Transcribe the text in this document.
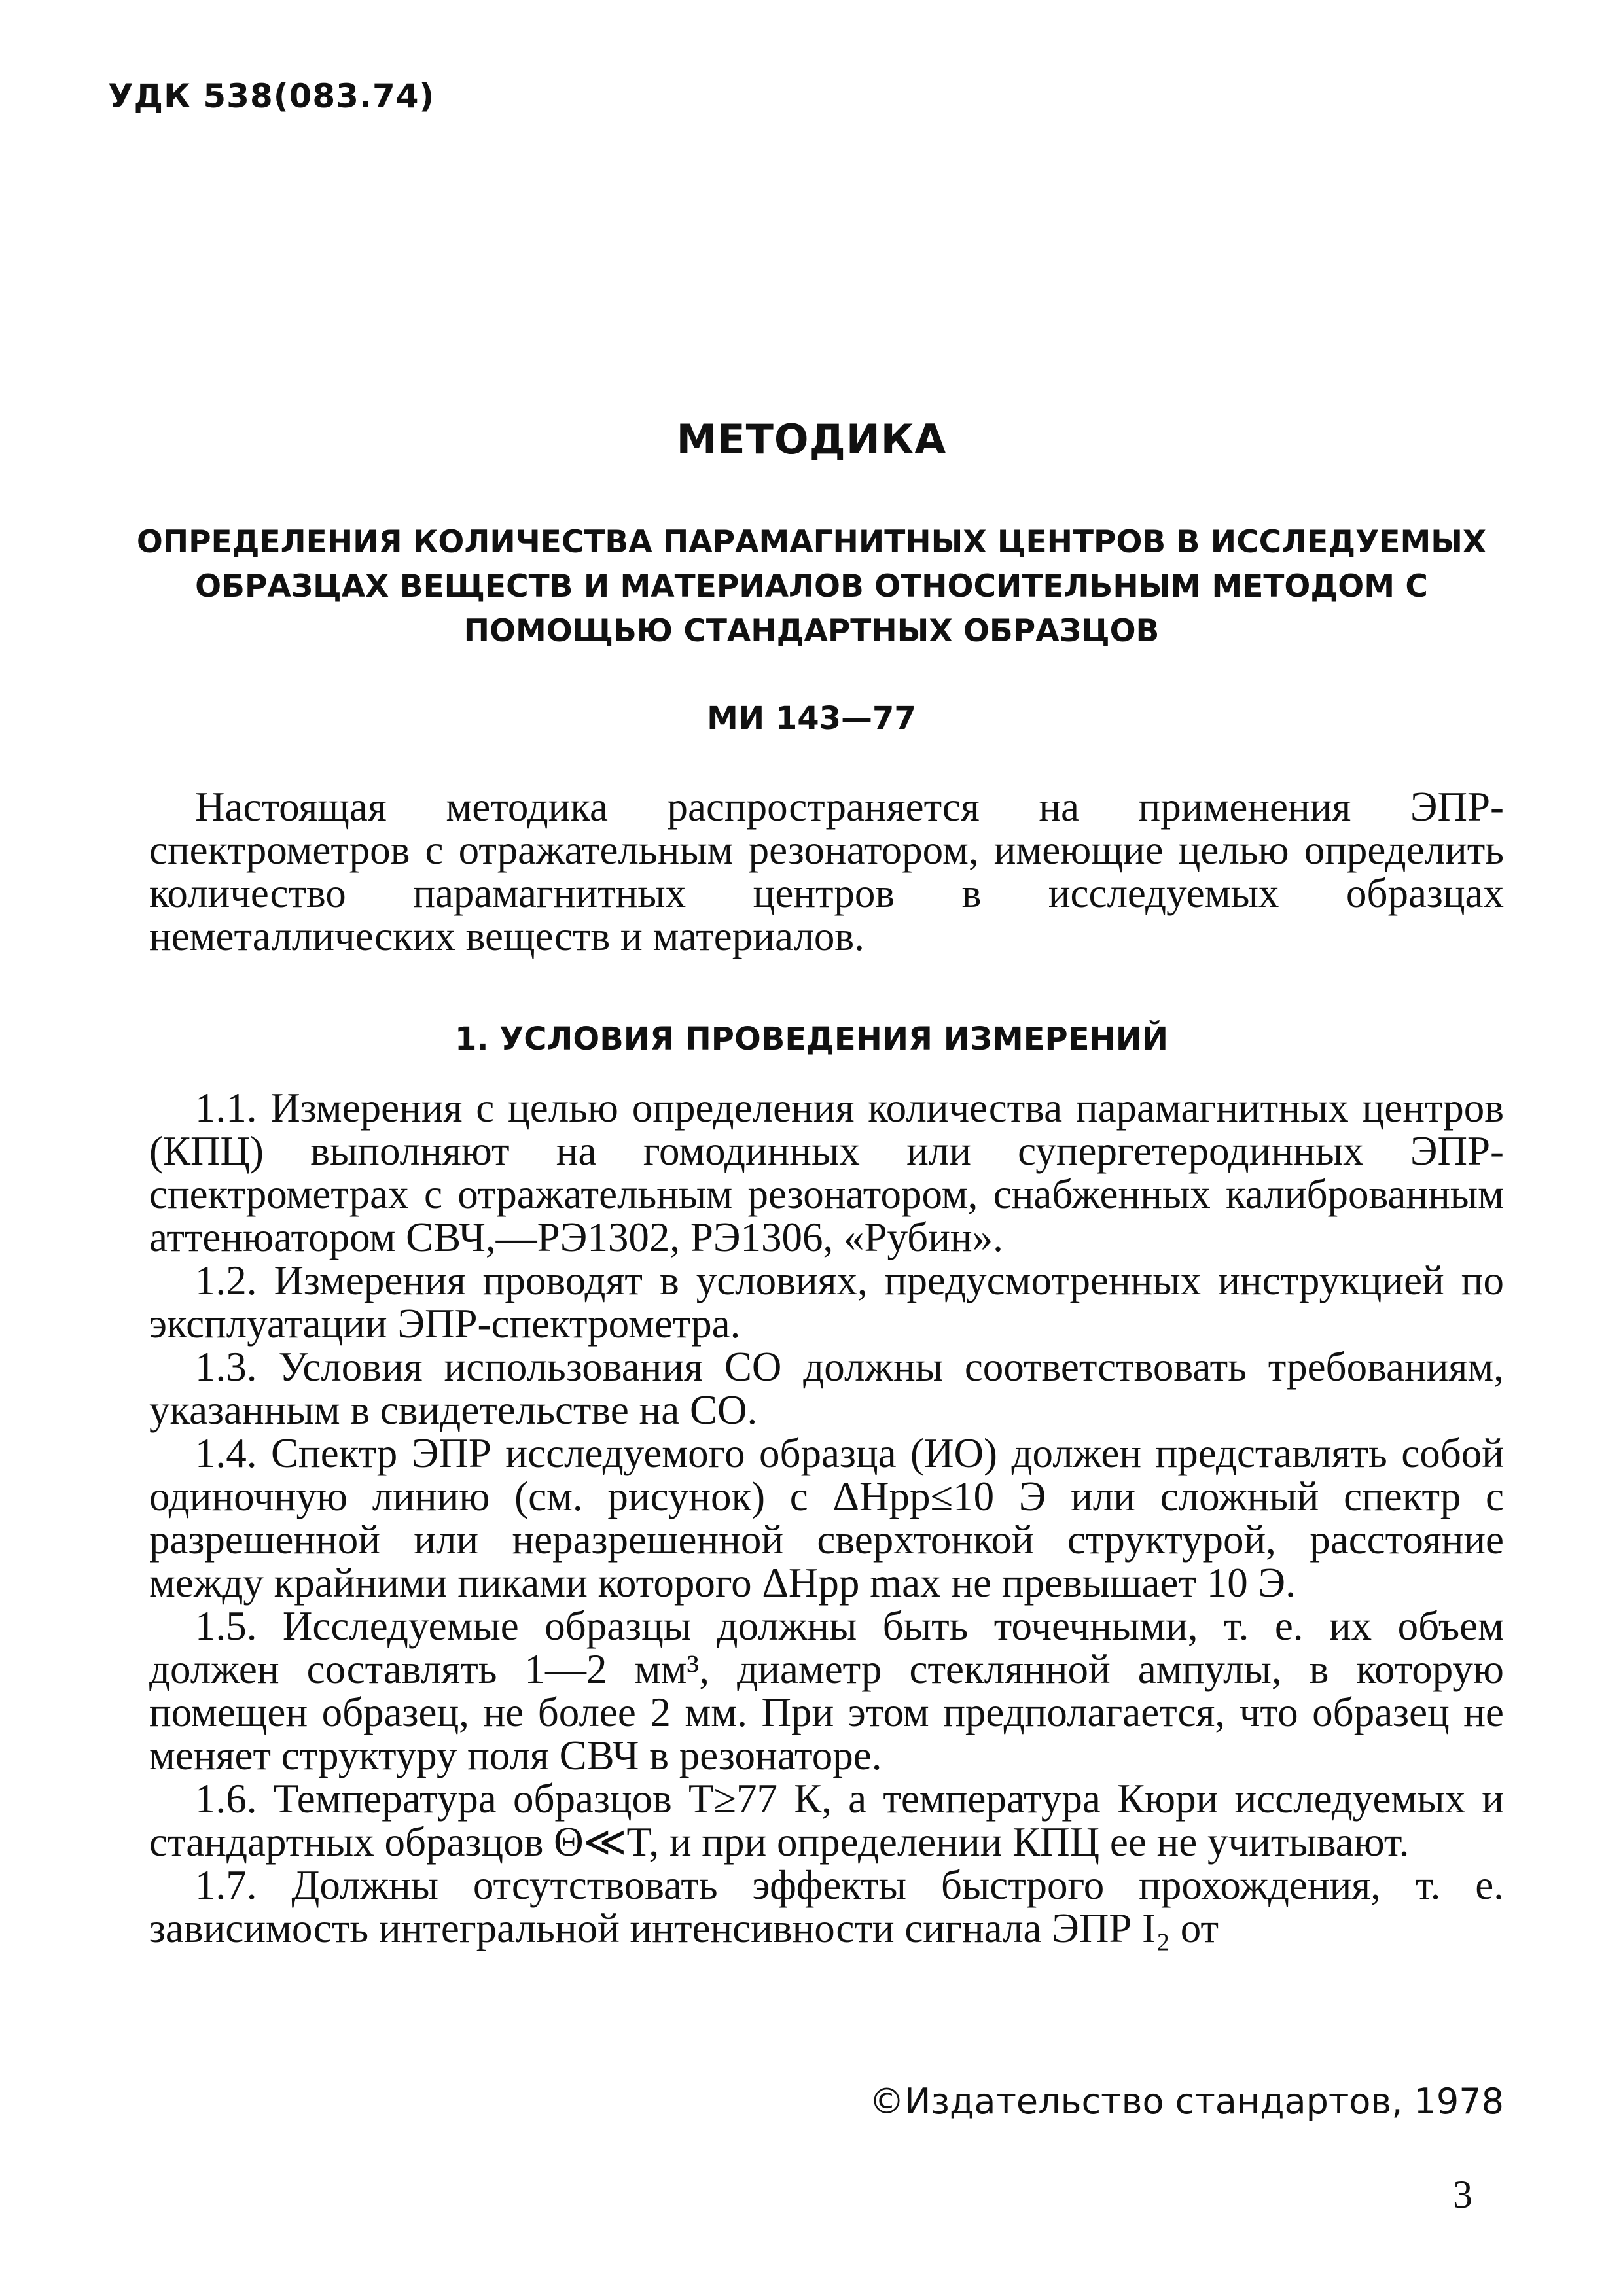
УДК 538(083.74)
МЕТОДИКА
ОПРЕДЕЛЕНИЯ КОЛИЧЕСТВА ПАРАМАГНИТНЫХ ЦЕНТРОВ В ИССЛЕДУЕМЫХ ОБРАЗЦАХ ВЕЩЕСТВ И МАТЕРИАЛОВ ОТНОСИТЕЛЬНЫМ МЕТОДОМ С ПОМОЩЬЮ СТАНДАРТНЫХ ОБРАЗЦОВ
МИ 143—77

Настоящая методика распространяется на применения ЭПР-спектрометров с отражательным резонатором, имеющие целью определить количество парамагнитных центров в исследуемых образцах неметаллических веществ и материалов.

1. УСЛОВИЯ ПРОВЕДЕНИЯ ИЗМЕРЕНИЙ

1.1. Измерения с целью определения количества парамагнитных центров (КПЦ) выполняют на гомодинных или супергетеродинных ЭПР-спектрометрах с отражательным резонатором, снабженных калиброванным аттенюатором СВЧ,—РЭ1302, РЭ1306, «Рубин».

1.2. Измерения проводят в условиях, предусмотренных инструкцией по эксплуатации ЭПР-спектрометра.

1.3. Условия использования СО должны соответствовать требованиям, указанным в свидетельстве на СО.

1.4. Спектр ЭПР исследуемого образца (ИО) должен представлять собой одиночную линию (см. рисунок) с ΔHpp≤10 Э или сложный спектр с разрешенной или неразрешенной сверхтонкой структурой, расстояние между крайними пиками которого ΔHpp max не превышает 10 Э.

1.5. Исследуемые образцы должны быть точечными, т. е. их объем должен составлять 1—2 мм³, диаметр стеклянной ампулы, в которую помещен образец, не более 2 мм. При этом предполагается, что образец не меняет структуру поля СВЧ в резонаторе.

1.6. Температура образцов T≥77 К, а температура Кюри исследуемых и стандартных образцов Θ≪T, и при определении КПЦ ее не учитывают.

1.7. Должны отсутствовать эффекты быстрого прохождения, т. е. зависимость интегральной интенсивности сигнала ЭПР I₂ от

©Издательство стандартов, 1978
3
